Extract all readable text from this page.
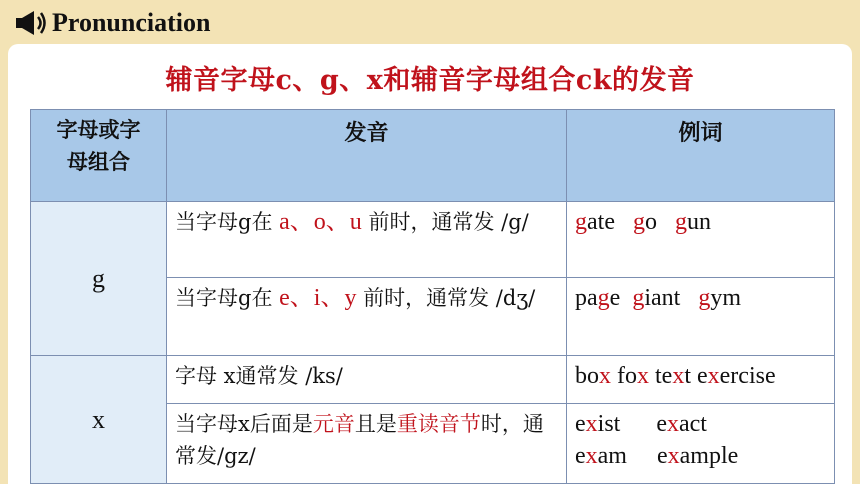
Pronunciation
辅音字母c、g、x和辅音字母组合ck的发音
字母或字
母组合	发音	例词
g	当字母g在 a、o、u 前时，通常发 /g/	gate go gun
	当字母g在 e、i、y 前时，通常发 /dʒ/	page giant gym
x	字母 x通常发 /ks/	box fox text exercise
	当字母x后面是元音且是重读音节时，通常发/gz/	exist exact
exam example
